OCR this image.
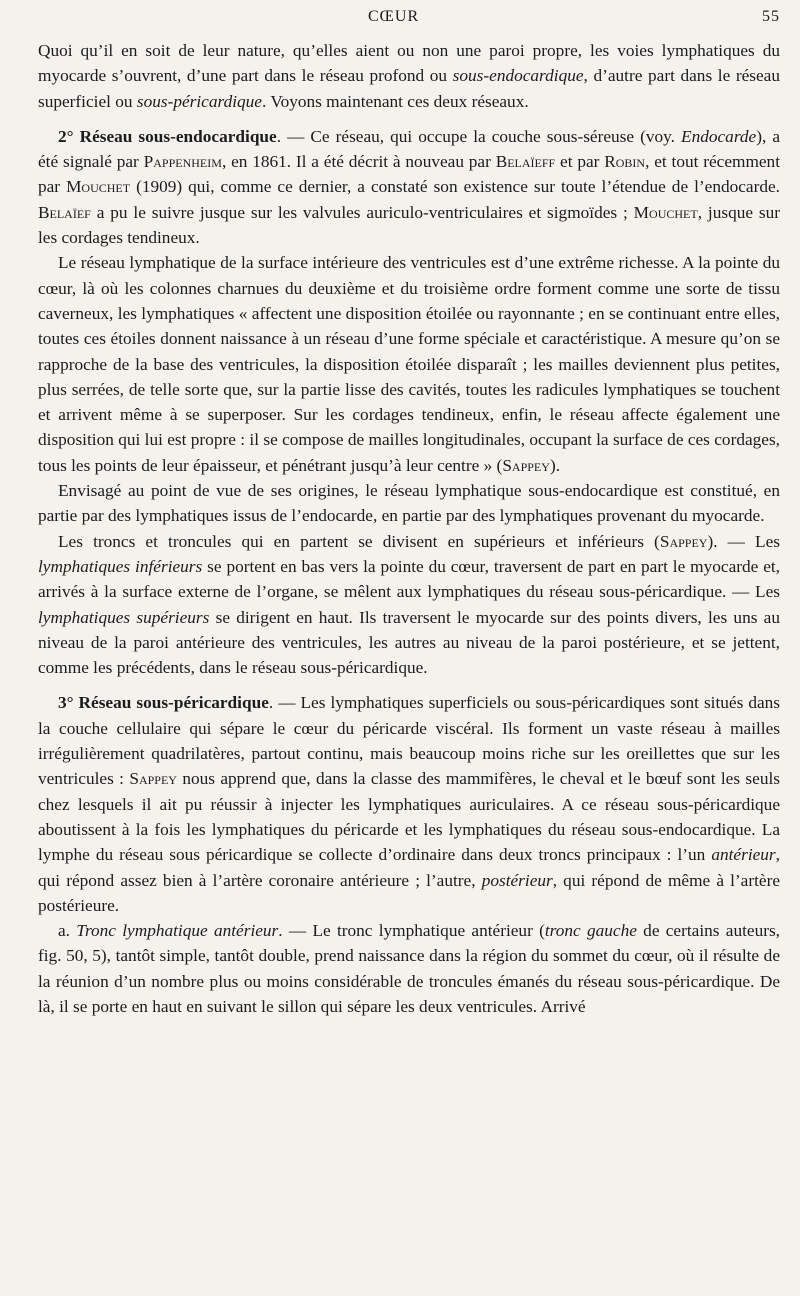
CŒUR	55

Quoi qu’il en soit de leur nature, qu’elles aient ou non une paroi propre, les voies lymphatiques du myocarde s’ouvrent, d’une part dans le réseau profond ou sous-endocardique, d’autre part dans le réseau superficiel ou sous-péricardique. Voyons maintenant ces deux réseaux.

2° Réseau sous-endocardique. — Ce réseau, qui occupe la couche sous-séreuse (voy. Endocarde), a été signalé par Pappenheim, en 1861. Il a été décrit à nouveau par Belaïeff et par Robin, et tout récemment par Mouchet (1909) qui, comme ce dernier, a constaté son existence sur toute l’étendue de l’endocarde. Belaïef a pu le suivre jusque sur les valvules auriculo-ventriculaires et sigmoïdes ; Mouchet, jusque sur les cordages tendineux.

Le réseau lymphatique de la surface intérieure des ventricules est d’une extrême richesse. A la pointe du cœur, là où les colonnes charnues du deuxième et du troisième ordre forment comme une sorte de tissu caverneux, les lymphatiques « affectent une disposition étoilée ou rayonnante ; en se continuant entre elles, toutes ces étoiles donnent naissance à un réseau d’une forme spéciale et caractéristique. A mesure qu’on se rapproche de la base des ventricules, la disposition étoilée disparaît ; les mailles deviennent plus petites, plus serrées, de telle sorte que, sur la partie lisse des cavités, toutes les radicules lymphatiques se touchent et arrivent même à se superposer. Sur les cordages tendineux, enfin, le réseau affecte également une disposition qui lui est propre : il se compose de mailles longitudinales, occupant la surface de ces cordages, tous les points de leur épaisseur, et pénétrant jusqu’à leur centre » (Sappey).

Envisagé au point de vue de ses origines, le réseau lymphatique sous-endocardique est constitué, en partie par des lymphatiques issus de l’endocarde, en partie par des lymphatiques provenant du myocarde.

Les troncs et troncules qui en partent se divisent en supérieurs et inférieurs (Sappey). — Les lymphatiques inférieurs se portent en bas vers la pointe du cœur, traversent de part en part le myocarde et, arrivés à la surface externe de l’organe, se mêlent aux lymphatiques du réseau sous-péricardique. — Les lymphatiques supérieurs se dirigent en haut. Ils traversent le myocarde sur des points divers, les uns au niveau de la paroi antérieure des ventricules, les autres au niveau de la paroi postérieure, et se jettent, comme les précédents, dans le réseau sous-péricardique.

3° Réseau sous-péricardique. — Les lymphatiques superficiels ou sous-péricardiques sont situés dans la couche cellulaire qui sépare le cœur du péricarde viscéral. Ils forment un vaste réseau à mailles irrégulièrement quadrilatères, partout continu, mais beaucoup moins riche sur les oreillettes que sur les ventricules : Sappey nous apprend que, dans la classe des mammifères, le cheval et le bœuf sont les seuls chez lesquels il ait pu réussir à injecter les lymphatiques auriculaires. A ce réseau sous-péricardique aboutissent à la fois les lymphatiques du péricarde et les lymphatiques du réseau sous-endocardique. La lymphe du réseau sous péricardique se collecte d’ordinaire dans deux troncs principaux : l’un antérieur, qui répond assez bien à l’artère coronaire antérieure ; l’autre, postérieur, qui répond de même à l’artère postérieure.

a. Tronc lymphatique antérieur. — Le tronc lymphatique antérieur (tronc gauche de certains auteurs, fig. 50, 5), tantôt simple, tantôt double, prend naissance dans la région du sommet du cœur, où il résulte de la réunion d’un nombre plus ou moins considérable de troncules émanés du réseau sous-péricardique. De là, il se porte en haut en suivant le sillon qui sépare les deux ventricules. Arrivé
